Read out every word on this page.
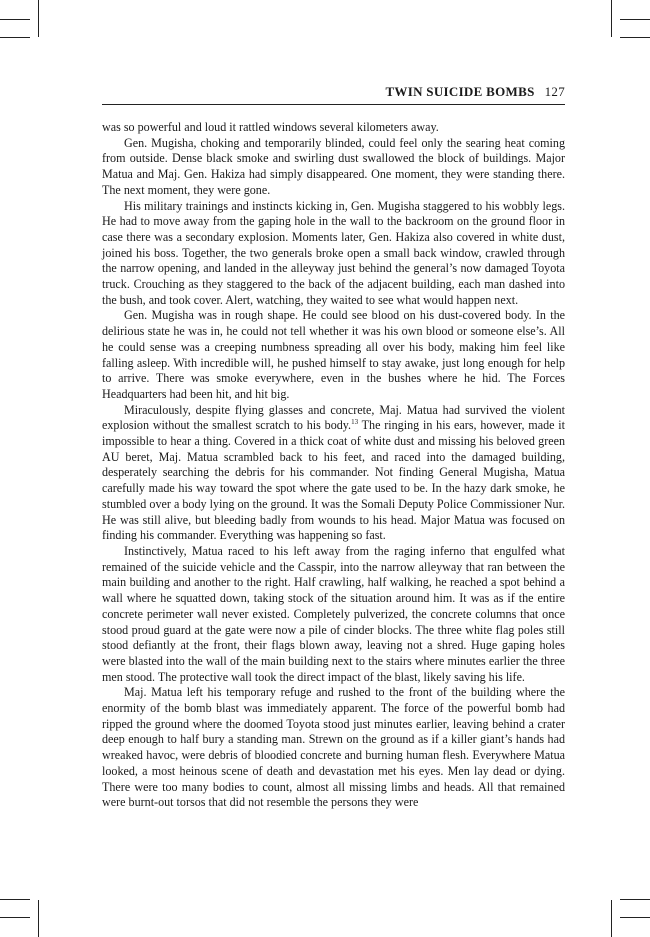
TWIN SUICIDE BOMBS 127

was so powerful and loud it rattled windows several kilometers away.

Gen. Mugisha, choking and temporarily blinded, could feel only the searing heat coming from outside. Dense black smoke and swirling dust swallowed the block of buildings. Major Matua and Maj. Gen. Hakiza had simply disappeared. One moment, they were standing there. The next moment, they were gone.

His military trainings and instincts kicking in, Gen. Mugisha staggered to his wobbly legs. He had to move away from the gaping hole in the wall to the backroom on the ground floor in case there was a secondary explosion. Moments later, Gen. Hakiza also covered in white dust, joined his boss. Together, the two generals broke open a small back window, crawled through the narrow opening, and landed in the alleyway just behind the general’s now damaged Toyota truck. Crouching as they staggered to the back of the adjacent building, each man dashed into the bush, and took cover. Alert, watching, they waited to see what would happen next.

Gen. Mugisha was in rough shape. He could see blood on his dust-covered body. In the delirious state he was in, he could not tell whether it was his own blood or someone else’s. All he could sense was a creeping numbness spreading all over his body, making him feel like falling asleep. With incredible will, he pushed himself to stay awake, just long enough for help to arrive. There was smoke everywhere, even in the bushes where he hid. The Forces Headquarters had been hit, and hit big.

Miraculously, despite flying glasses and concrete, Maj. Matua had survived the violent explosion without the smallest scratch to his body.$^{13}$ The ringing in his ears, however, made it impossible to hear a thing. Covered in a thick coat of white dust and missing his beloved green AU beret, Maj. Matua scrambled back to his feet, and raced into the damaged building, desperately searching the debris for his commander. Not finding General Mugisha, Matua carefully made his way toward the spot where the gate used to be. In the hazy dark smoke, he stumbled over a body lying on the ground. It was the Somali Deputy Police Commissioner Nur. He was still alive, but bleeding badly from wounds to his head. Major Matua was focused on finding his commander. Everything was happening so fast.

Instinctively, Matua raced to his left away from the raging inferno that engulfed what remained of the suicide vehicle and the Casspir, into the narrow alleyway that ran between the main building and another to the right. Half crawling, half walking, he reached a spot behind a wall where he squatted down, taking stock of the situation around him. It was as if the entire concrete perimeter wall never existed. Completely pulverized, the concrete columns that once stood proud guard at the gate were now a pile of cinder blocks. The three white flag poles still stood defiantly at the front, their flags blown away, leaving not a shred. Huge gaping holes were blasted into the wall of the main building next to the stairs where minutes earlier the three men stood. The protective wall took the direct impact of the blast, likely saving his life.

Maj. Matua left his temporary refuge and rushed to the front of the building where the enormity of the bomb blast was immediately apparent. The force of the powerful bomb had ripped the ground where the doomed Toyota stood just minutes earlier, leaving behind a crater deep enough to half bury a standing man. Strewn on the ground as if a killer giant’s hands had wreaked havoc, were debris of bloodied concrete and burning human flesh. Everywhere Matua looked, a most heinous scene of death and devastation met his eyes. Men lay dead or dying. There were too many bodies to count, almost all missing limbs and heads. All that remained were burnt-out torsos that did not resemble the persons they were
